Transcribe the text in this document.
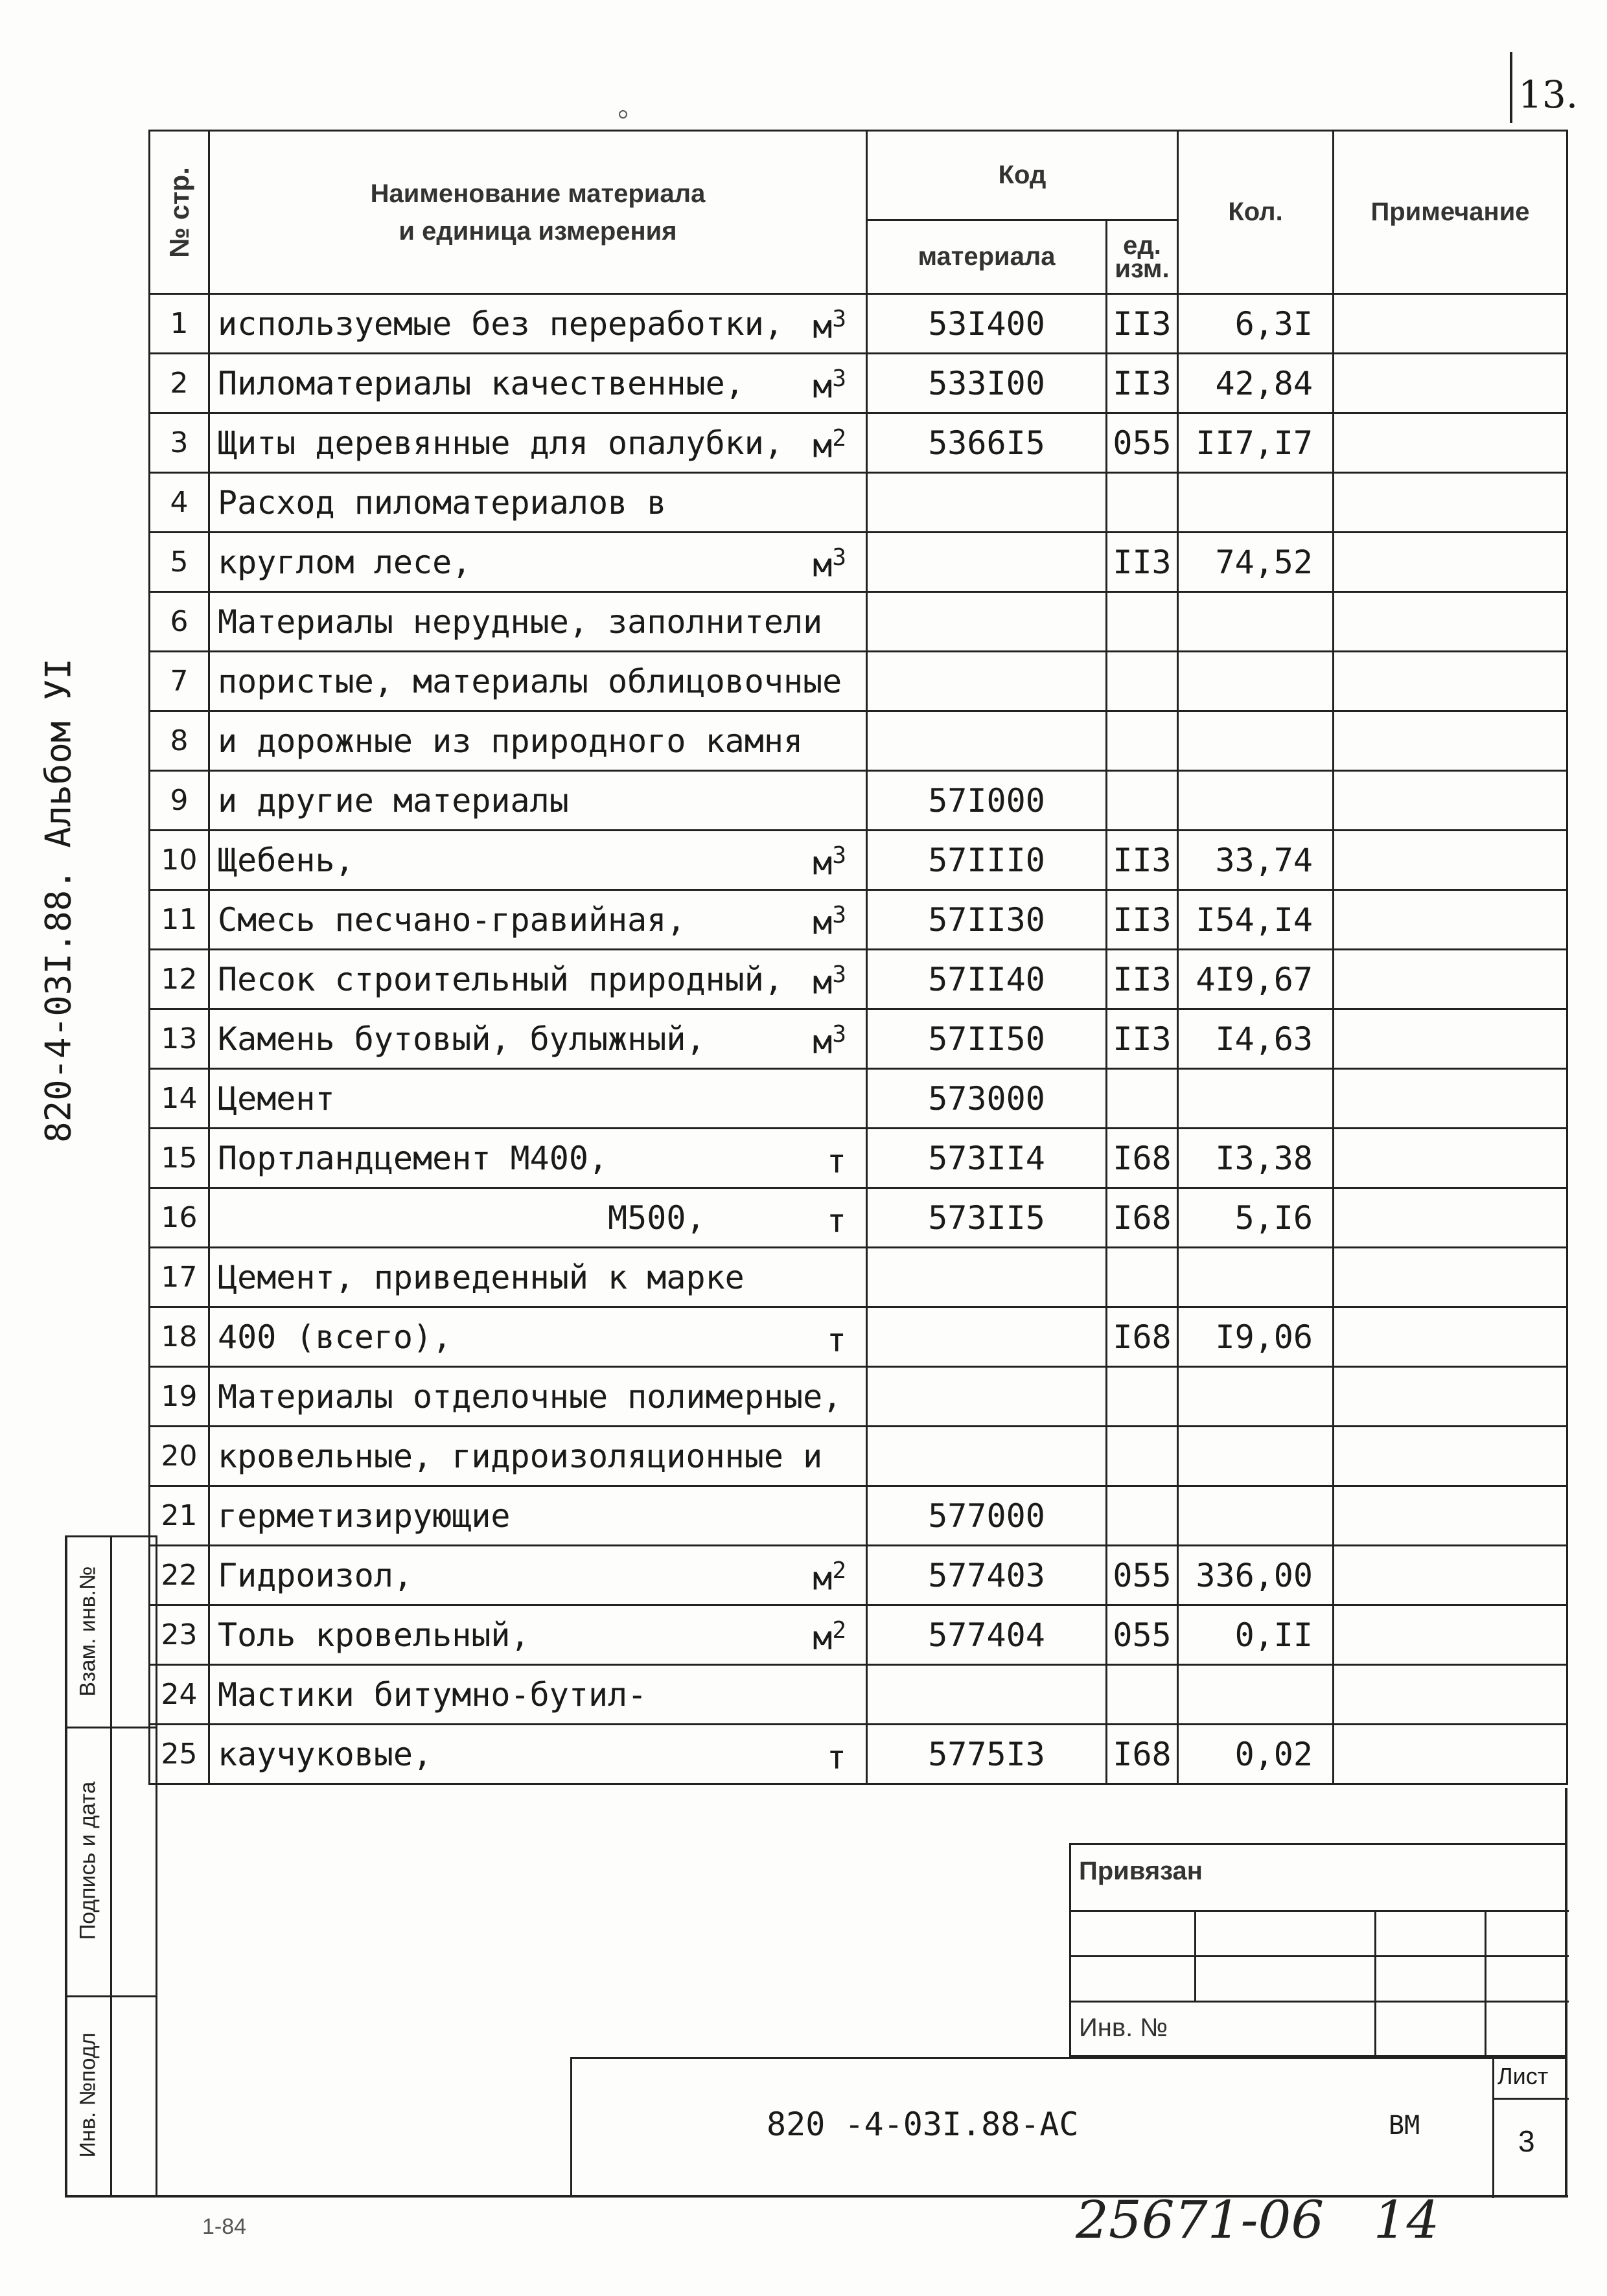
13.
820-4-03I.88. Альбом УI
№ стр.	Наименование материала
и единица измерения	Код		Кол.	Примечание
		материала	ед. изм.		
1	используемые без переработки, $м^3$	53I400	II3	6,3I	
2	Пиломатериалы качественные, $м^3$	533I00	II3	42,84	
3	Щиты деревянные для опалубки, $м^2$	5366I5	055	II7,I7	
4	Расход пиломатериалов в				
5	круглом лесе, $м^3$		II3	74,52	
6	Материалы нерудные, заполнители				
7	пористые, материалы облицовочные				
8	и дорожные из природного камня				
9	и другие материалы	57I000			
10	Щебень, $м^3$	57III0	II3	33,74	
11	Смесь песчано-гравийная, $м^3$	57II30	II3	I54,I4	
12	Песок строительный природный, $м^3$	57II40	II3	4I9,67	
13	Камень бутовый, булыжный, $м^3$	57II50	II3	I4,63	
14	Цемент	573000			
15	Портландцемент М400, т	573II4	I68	I3,38	
16	М500, т	573II5	I68	5,I6	
17	Цемент, приведенный к марке				
18	400 (всего), т		I68	I9,06	
19	Материалы отделочные полимерные,				
20	кровельные, гидроизоляционные и				
21	герметизирующие	577000			
22	Гидроизол, $м^2$	577403	055	336,00	
23	Толь кровельный, $м^2$	577404	055	0,II	
24	Мастики битумно-бутил-				
25	каучуковые, т	5775I3	I68	0,02	
Взам. инв.№
Подпись и дата
Инв. №подл
Привязан
Инв. №
820 -4-03I.88-АС	ВМ
Лист
3
1-84	25671-06   14
